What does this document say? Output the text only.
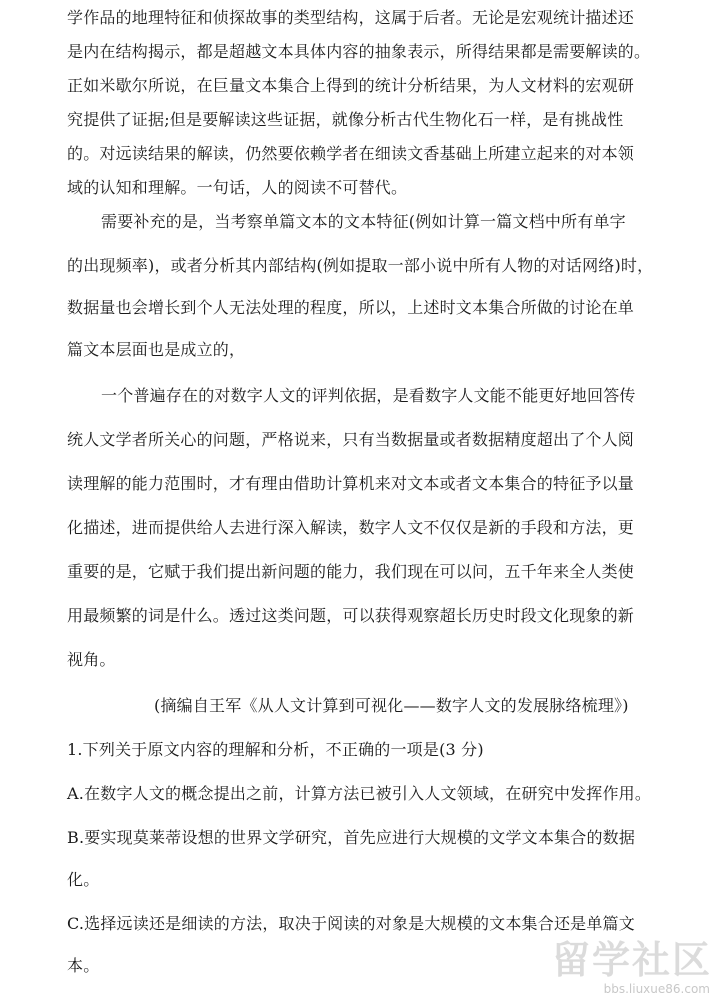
学作品的地理特征和侦探故事的类型结构，这属于后者。无论是宏观统计描述还
是内在结构揭示，都是超越文本具体内容的抽象表示，所得结果都是需要解读的。
正如米歇尔所说，在巨量文本集合上得到的统计分析结果，为人文材料的宏观研
究提供了证据;但是要解读这些证据，就像分析古代生物化石一样，是有挑战性
的。对远读结果的解读，仍然要依赖学者在细读文香基础上所建立起来的对本领
域的认知和理解。一句话，人的阅读不可替代。
需要补充的是，当考察单篇文本的文本特征(例如计算一篇文档中所有单字
的出现频率)，或者分析其内部结构(例如提取一部小说中所有人物的对话网络)时，
数据量也会增长到个人无法处理的程度，所以，上述时文本集合所做的讨论在单
篇文本层面也是成立的，
一个普遍存在的对数字人文的评判依据，是看数字人文能不能更好地回答传
统人文学者所关心的问题，严格说来，只有当数据量或者数据精度超出了个人阅
读理解的能力范围时，才有理由借助计算机来对文本或者文本集合的特征予以量
化描述，进而提供给人去进行深入解读，数字人文不仅仅是新的手段和方法，更
重要的是，它赋于我们提出新问题的能力，我们现在可以问，五千年来全人类使
用最频繁的词是什么。透过这类问题，可以获得观察超长历史时段文化现象的新
视角。
(摘编自王军《从人文计算到可视化——数字人文的发展脉络梳理》)
1.下列关于原文内容的理解和分析，不正确的一项是(3 分)
A.在数字人文的概念提出之前，计算方法已被引入人文领域，在研究中发挥作用。
B.要实现莫莱蒂设想的世界文学研究，首先应进行大规模的文学文本集合的数据
化。
C.选择远读还是细读的方法，取决于阅读的对象是大规模的文本集合还是单篇文
本。	留学社区
bbs.liuxue86.com
